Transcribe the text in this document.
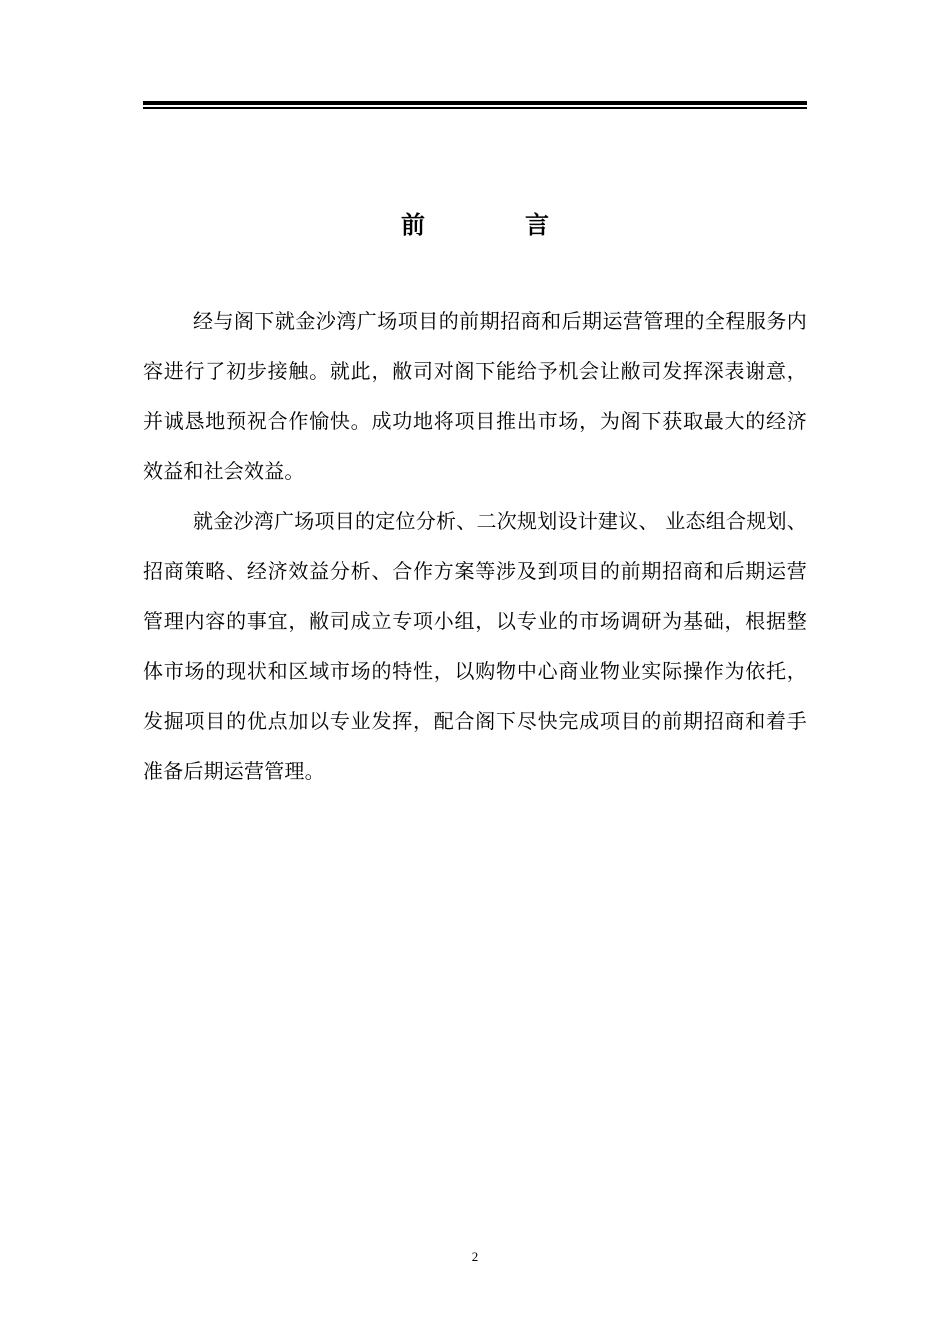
前　言

经与阁下就金沙湾广场项目的前期招商和后期运营管理的全程服务内容进行了初步接触。就此，敝司对阁下能给予机会让敝司发挥深表谢意，并诚恳地预祝合作愉快。成功地将项目推出市场，为阁下获取最大的经济效益和社会效益。

就金沙湾广场项目的定位分析、二次规划设计建议、 业态组合规划、招商策略、经济效益分析、合作方案等涉及到项目的前期招商和后期运营管理内容的事宜，敝司成立专项小组，以专业的市场调研为基础，根据整体市场的现状和区域市场的特性，以购物中心商业物业实际操作为依托，发掘项目的优点加以专业发挥，配合阁下尽快完成项目的前期招商和着手准备后期运营管理。

2
